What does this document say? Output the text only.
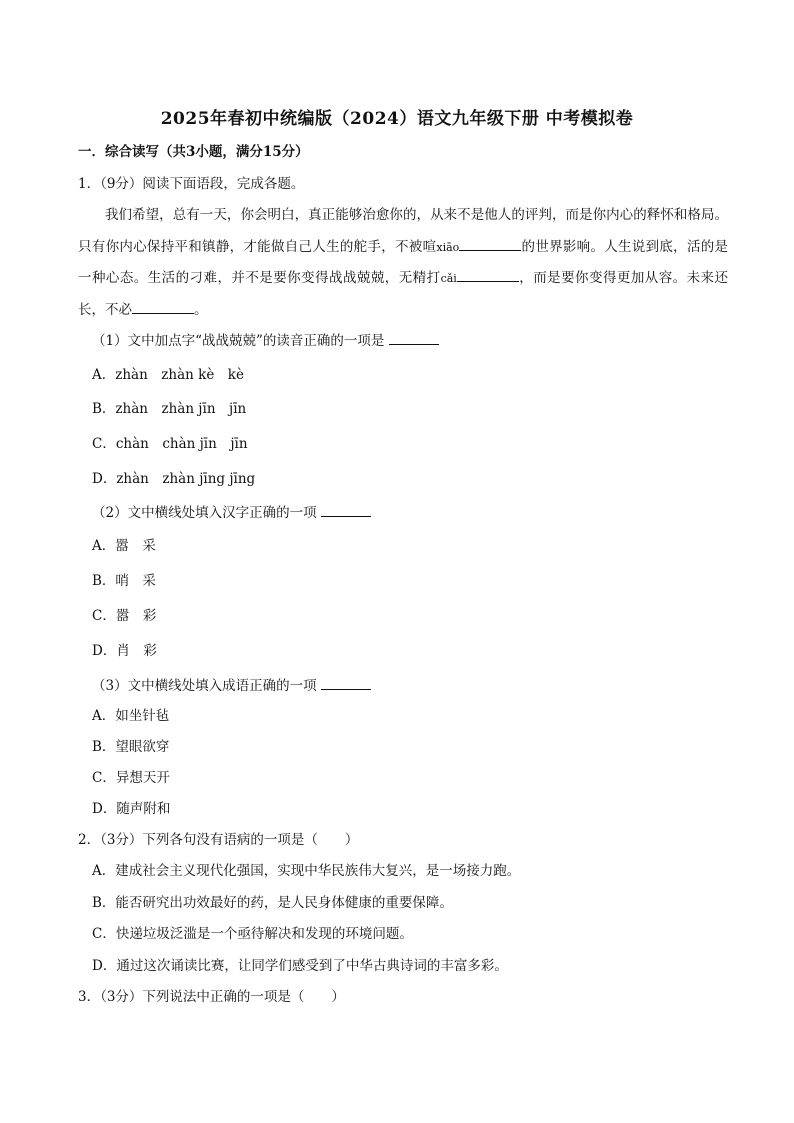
2025年春初中统编版（2024）语文九年级下册 中考模拟卷
一．综合读写（共3小题，满分15分）
1．（9分）阅读下面语段，完成各题。
我们希望，总有一天，你会明白，真正能够治愈你的，从来不是他人的评判，而是你内心的释怀和格局。只有你内心保持平和镇静，才能做自己人生的舵手，不被喧xiāo	的世界影响。人生说到底，活的是一种心态。生活的刁难，并不是要你变得战战兢兢，无精打cǎi	，而是要你变得更加从容。未来还长，不必	。
（1）文中加点字“战战兢兢”的读音正确的一项是
A．zhàn　zhàn kè　kè
B．zhàn　zhàn jīn　jīn
C．chàn　chàn jīn　jīn
D．zhàn　zhàn jīng jīng
（2）文中横线处填入汉字正确的一项
A．嚣　采
B．哨　采
C．嚣　彩
D．肖　彩
（3）文中横线处填入成语正确的一项
A．如坐针毡
B．望眼欲穿
C．异想天开
D．随声附和
2．（3分）下列各句没有语病的一项是（　　）
A．建成社会主义现代化强国，实现中华民族伟大复兴，是一场接力跑。
B．能否研究出功效最好的药，是人民身体健康的重要保障。
C．快递垃圾泛滥是一个亟待解决和发现的环境问题。
D．通过这次诵读比赛，让同学们感受到了中华古典诗词的丰富多彩。
3．（3分）下列说法中正确的一项是（　　）
